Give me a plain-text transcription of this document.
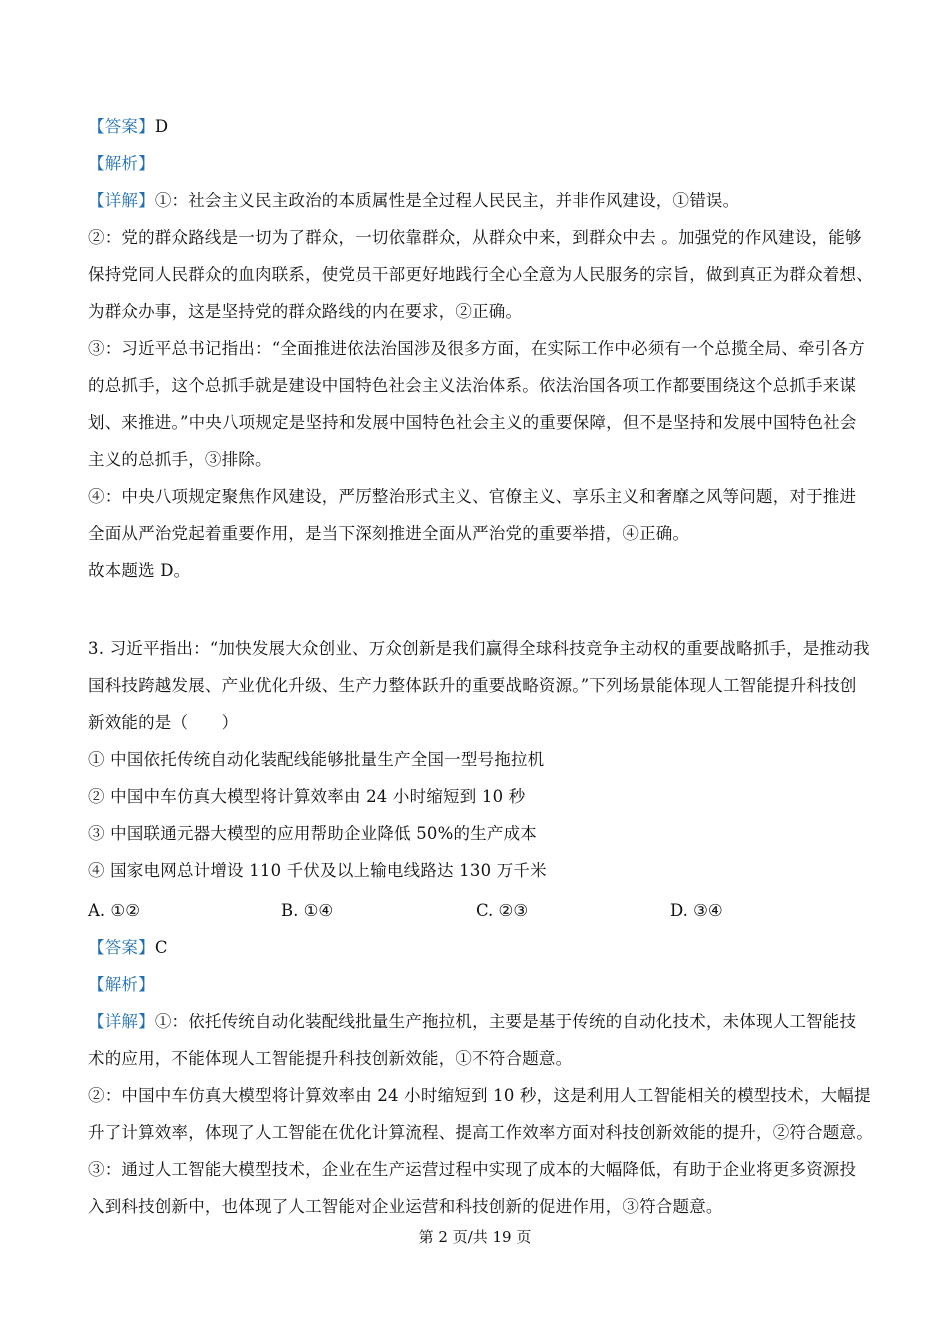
【答案】D
【解析】
【详解】①：社会主义民主政治的本质属性是全过程人民民主，并非作风建设，①错误。
②：党的群众路线是一切为了群众，一切依靠群众，从群众中来，到群众中去 。加强党的作风建设，能够
保持党同人民群众的血肉联系，使党员干部更好地践行全心全意为人民服务的宗旨，做到真正为群众着想、
为群众办事，这是坚持党的群众路线的内在要求，②正确。
③：习近平总书记指出：“全面推进依法治国涉及很多方面，在实际工作中必须有一个总揽全局、牵引各方
的总抓手，这个总抓手就是建设中国特色社会主义法治体系。依法治国各项工作都要围绕这个总抓手来谋
划、来推进。”中央八项规定是坚持和发展中国特色社会主义的重要保障，但不是坚持和发展中国特色社会
主义的总抓手，③排除。
④：中央八项规定聚焦作风建设，严厉整治形式主义、官僚主义、享乐主义和奢靡之风等问题，对于推进
全面从严治党起着重要作用，是当下深刻推进全面从严治党的重要举措，④正确。
故本题选 D。
3. 习近平指出：“加快发展大众创业、万众创新是我们赢得全球科技竞争主动权的重要战略抓手，是推动我
国科技跨越发展、产业优化升级、生产力整体跃升的重要战略资源。”下列场景能体现人工智能提升科技创
新效能的是（　　）
① 中国依托传统自动化装配线能够批量生产全国一型号拖拉机
② 中国中车仿真大模型将计算效率由 24 小时缩短到 10 秒
③ 中国联通元器大模型的应用帮助企业降低 50%的生产成本
④ 国家电网总计增设 110 千伏及以上输电线路达 130 万千米
A. ①②	B. ①④	C. ②③	D. ③④
【答案】C
【解析】
【详解】①：依托传统自动化装配线批量生产拖拉机，主要是基于传统的自动化技术，未体现人工智能技
术的应用，不能体现人工智能提升科技创新效能，①不符合题意。
②：中国中车仿真大模型将计算效率由 24 小时缩短到 10 秒，这是利用人工智能相关的模型技术，大幅提
升了计算效率，体现了人工智能在优化计算流程、提高工作效率方面对科技创新效能的提升，②符合题意。
③：通过人工智能大模型技术，企业在生产运营过程中实现了成本的大幅降低，有助于企业将更多资源投
入到科技创新中，也体现了人工智能对企业运营和科技创新的促进作用，③符合题意。
第 2 页/共 19 页
